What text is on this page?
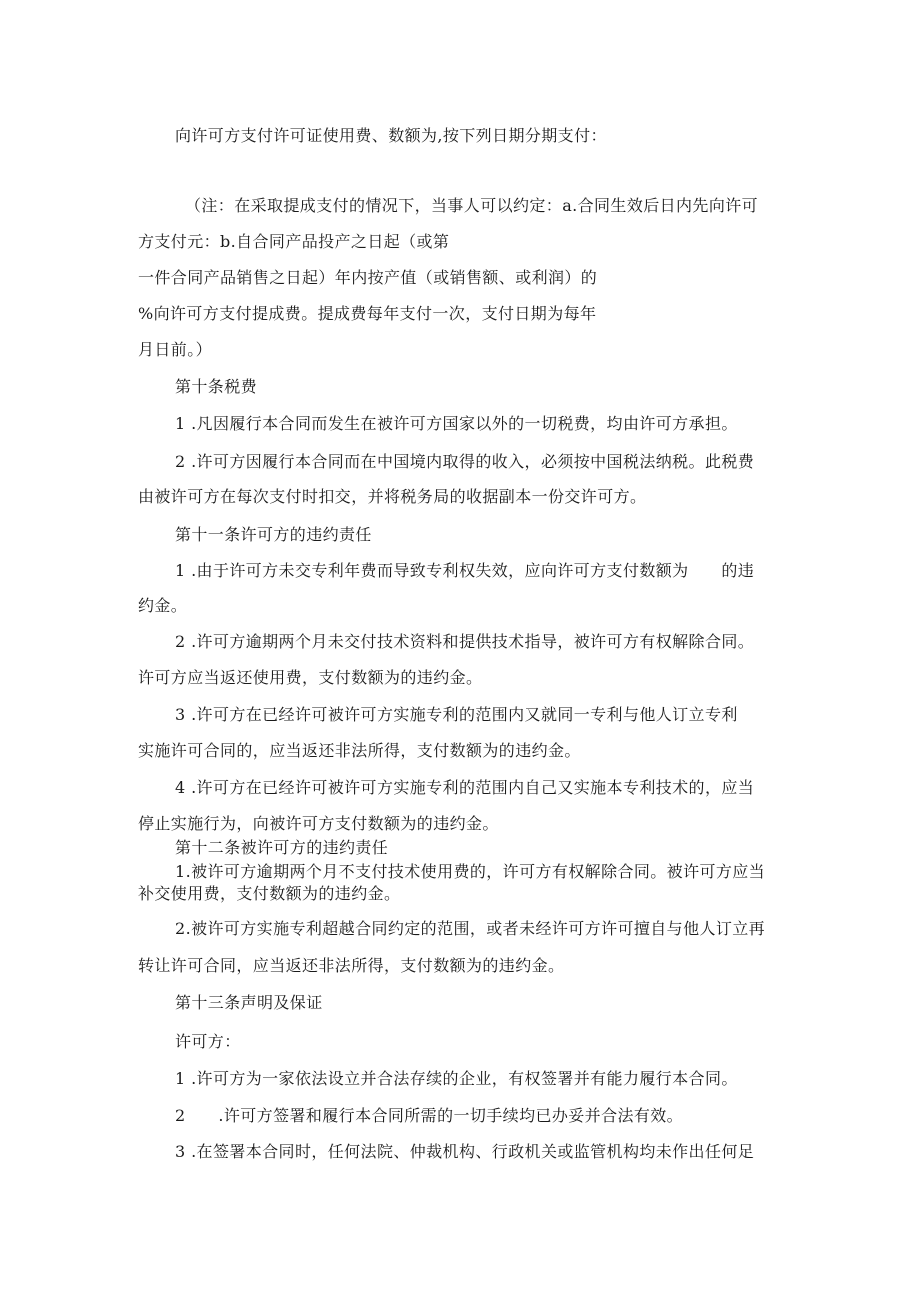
向许可方支付许可证使用费、数额为,按下列日期分期支付：
（注：在采取提成支付的情况下，当事人可以约定：a.合同生效后日内先向许可
方支付元：b.自合同产品投产之日起（或第
一件合同产品销售之日起）年内按产值（或销售额、或利润）的
%向许可方支付提成费。提成费每年支付一次，支付日期为每年
月日前。）
第十条税费
1 .凡因履行本合同而发生在被许可方国家以外的一切税费，均由许可方承担。
2 .许可方因履行本合同而在中国境内取得的收入，必须按中国税法纳税。此税费
由被许可方在每次支付时扣交，并将税务局的收据副本一份交许可方。
第十一条许可方的违约责任
1 .由于许可方未交专利年费而导致专利权失效，应向许可方支付数额为　　的违
约金。
2 .许可方逾期两个月未交付技术资料和提供技术指导，被许可方有权解除合同。
许可方应当返还使用费，支付数额为的违约金。
3 .许可方在已经许可被许可方实施专利的范围内又就同一专利与他人订立专利
实施许可合同的，应当返还非法所得，支付数额为的违约金。
4 .许可方在已经许可被许可方实施专利的范围内自己又实施本专利技术的，应当
停止实施行为，向被许可方支付数额为的违约金。
第十二条被许可方的违约责任
1.被许可方逾期两个月不支付技术使用费的，许可方有权解除合同。被许可方应当
补交使用费，支付数额为的违约金。
2.被许可方实施专利超越合同约定的范围，或者未经许可方许可擅自与他人订立再
转让许可合同，应当返还非法所得，支付数额为的违约金。
第十三条声明及保证
许可方：
1 .许可方为一家依法设立并合法存续的企业，有权签署并有能力履行本合同。
2　　.许可方签署和履行本合同所需的一切手续均已办妥并合法有效。
3 .在签署本合同时，任何法院、仲裁机构、行政机关或监管机构均未作出任何足
